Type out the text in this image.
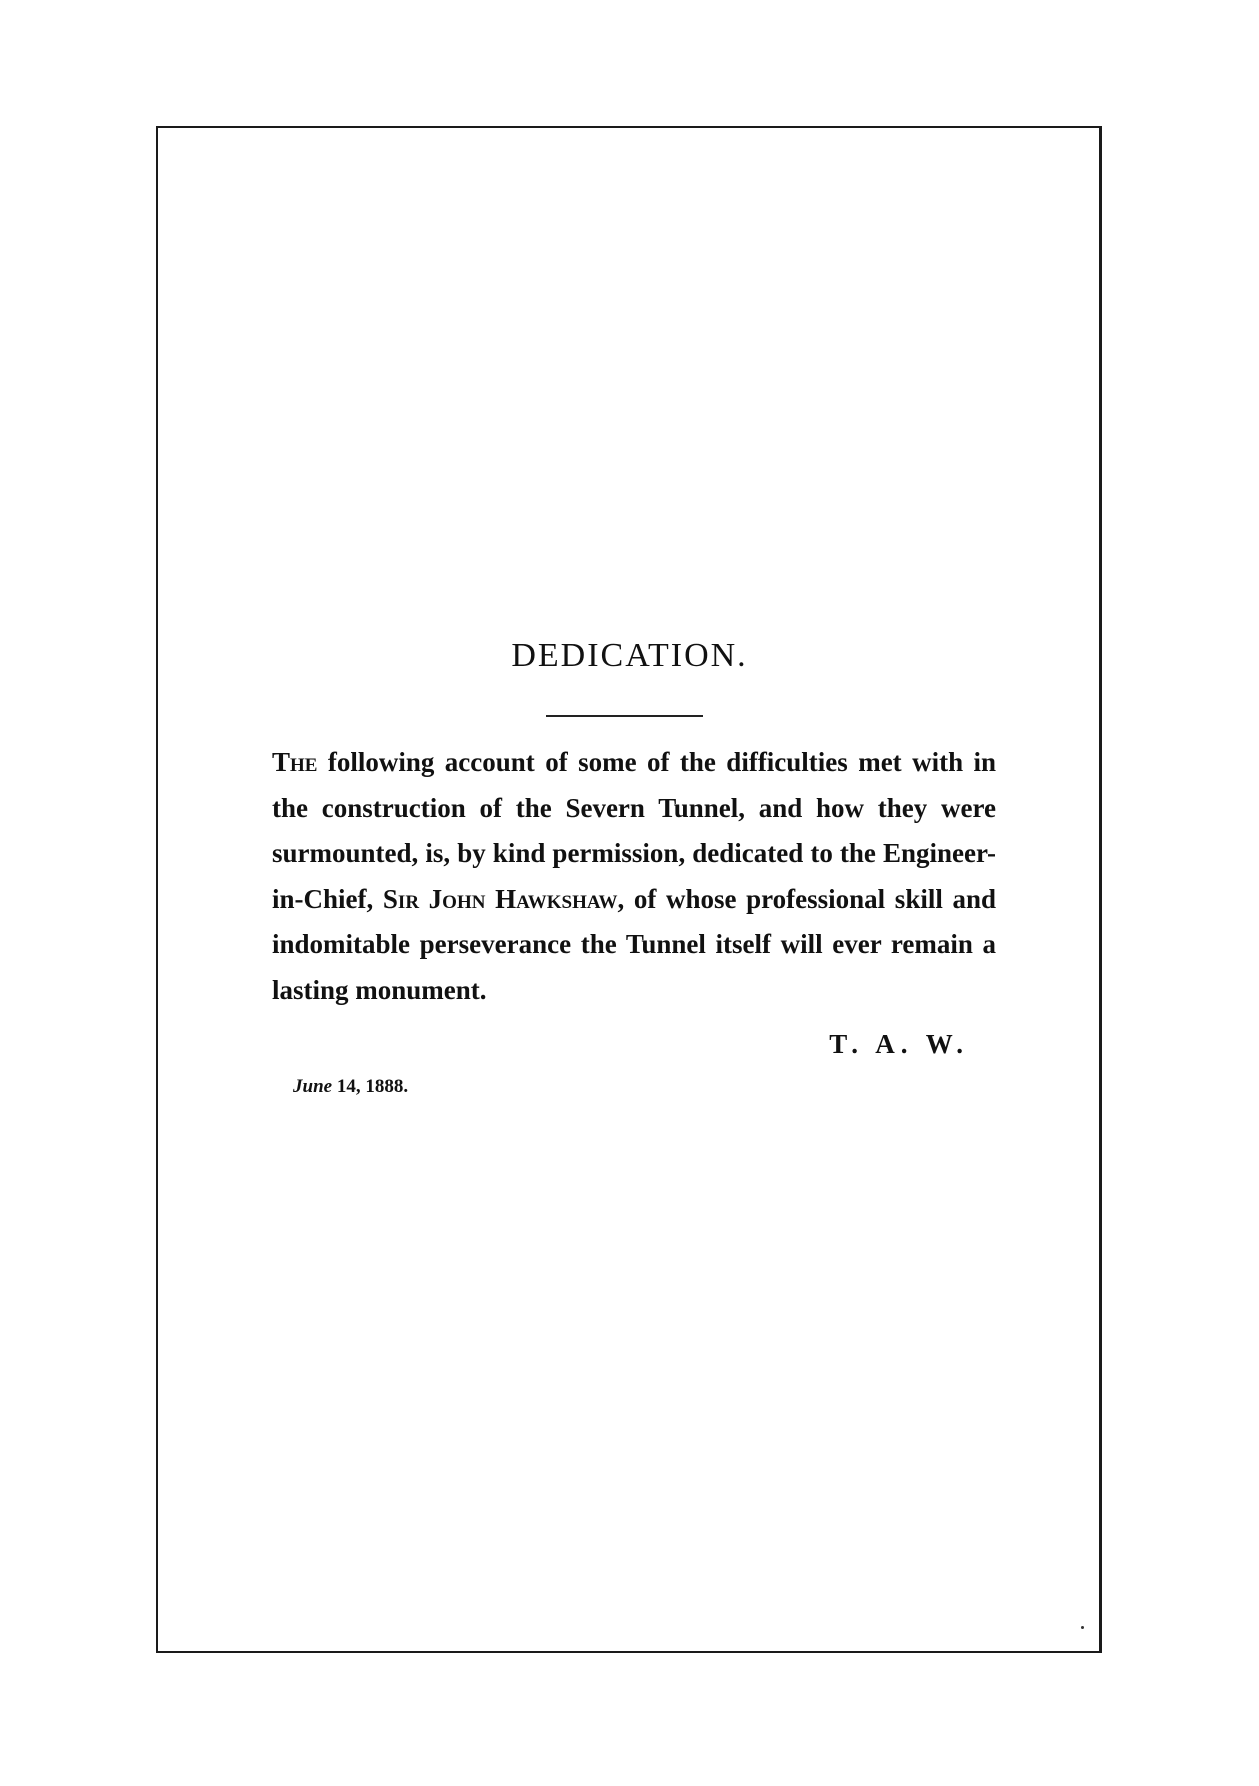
DEDICATION.

The following account of some of the difficulties met with in the construction of the Severn Tunnel, and how they were surmounted, is, by kind permission, dedicated to the Engineer-in-Chief, Sir John Hawkshaw, of whose professional skill and indomitable perseverance the Tunnel itself will ever remain a lasting monument.

T. A. W.

June 14, 1888.
